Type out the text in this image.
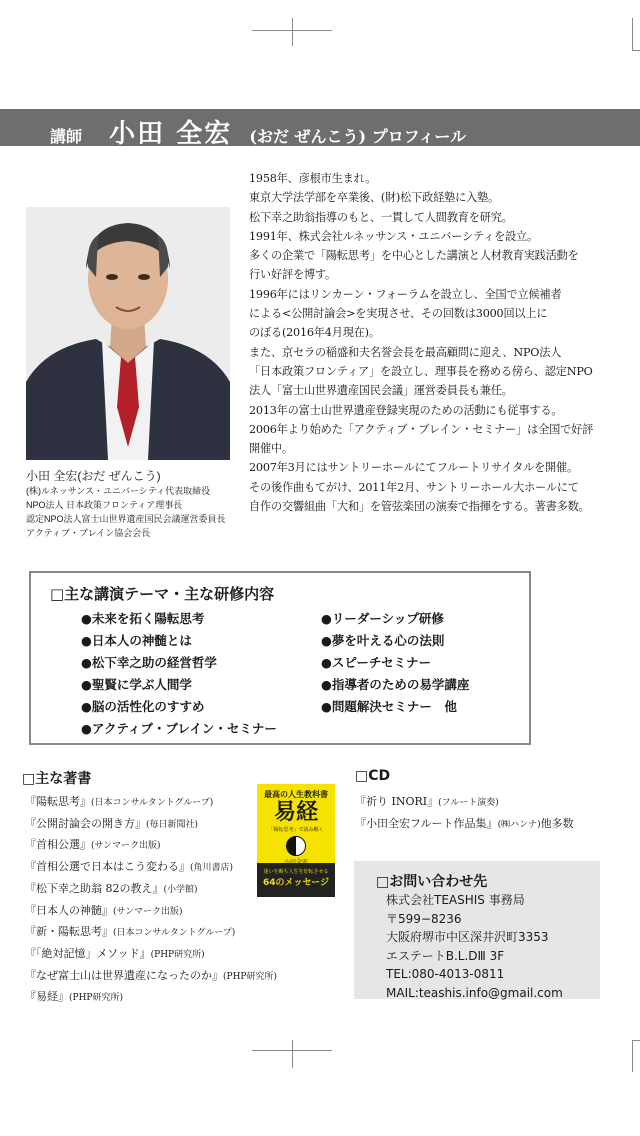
講師 小田 全宏 (おだ ぜんこう) プロフィール
小田 全宏(おだ ぜんこう)
(株)ルネッサンス・ユニバーシティ代表取締役
NPO法人 日本政策フロンティア理事長
認定NPO法人富士山世界遺産国民会議運営委員長
アクティブ・ブレイン協会会長

1958年、彦根市生まれ。

東京大学法学部を卒業後、(財)松下政経塾に入塾。

松下幸之助翁指導のもと、一貫して人間教育を研究。

1991年、株式会社ルネッサンス・ユニバーシティを設立。

多くの企業で「陽転思考」を中心とした講演と人材教育実践活動を

行い好評を博す。

1996年にはリンカーン・フォーラムを設立し、全国で立候補者

による<公開討論会>を実現させ、その回数は3000回以上に

のぼる(2016年4月現在)。

また、京セラの稲盛和夫名誉会長を最高顧問に迎え、NPO法人

「日本政策フロンティア」を設立し、理事長を務める傍ら、認定NPO

法人「富士山世界遺産国民会議」運営委員長も兼任。

2013年の富士山世界遺産登録実現のための活動にも従事する。

2006年より始めた「アクティブ・ブレイン・セミナー」は全国で好評

開催中。

2007年3月にはサントリーホールにてフルートリサイタルを開催。

その後作曲もてがけ、2011年2月、サントリーホール大ホールにて

自作の交響組曲「大和」を管弦楽団の演奏で指揮をする。著書多数。

□主な講演テーマ・主な研修内容
●未来を拓く陽転思考
●日本人の神髄とは
●松下幸之助の経営哲学
●聖賢に学ぶ人間学
●脳の活性化のすすめ
●アクティブ・ブレイン・セミナー
●リーダーシップ研修
●夢を叶える心の法則
●スピーチセミナー
●指導者のための易学講座
●問題解決セミナー　他
□主な著書
『陽転思考』(日本コンサルタントグループ)
『公開討論会の開き方』(毎日新聞社)
『首相公選』(サンマーク出版)
『首相公選で日本はこう変わる』(角川書店)
『松下幸之助翁 82の教え』(小学館)
『日本人の神髄』(サンマーク出版)
『新・陽転思考』(日本コンサルタントグループ)
『「絶対記憶」メソッド』(PHP研究所)
『なぜ富士山は世界遺産になったのか』(PHP研究所)
『易経』(PHP研究所)
最高の人生教科書
易経
「陽転思考」で読み解く
迷いを断ち人生を好転させる
64のメッセージ
□CD
『祈り INORI』(フルート演奏)
『小田全宏フルート作品集』(㈱ハンナ)他多数
□お問い合わせ先
株式会社TEASHIS 事務局
〒599−8236
大阪府堺市中区深井沢町3353
エステートB.L.DⅢ 3F
TEL:080-4013-0811
MAIL:teashis.info@gmail.com
